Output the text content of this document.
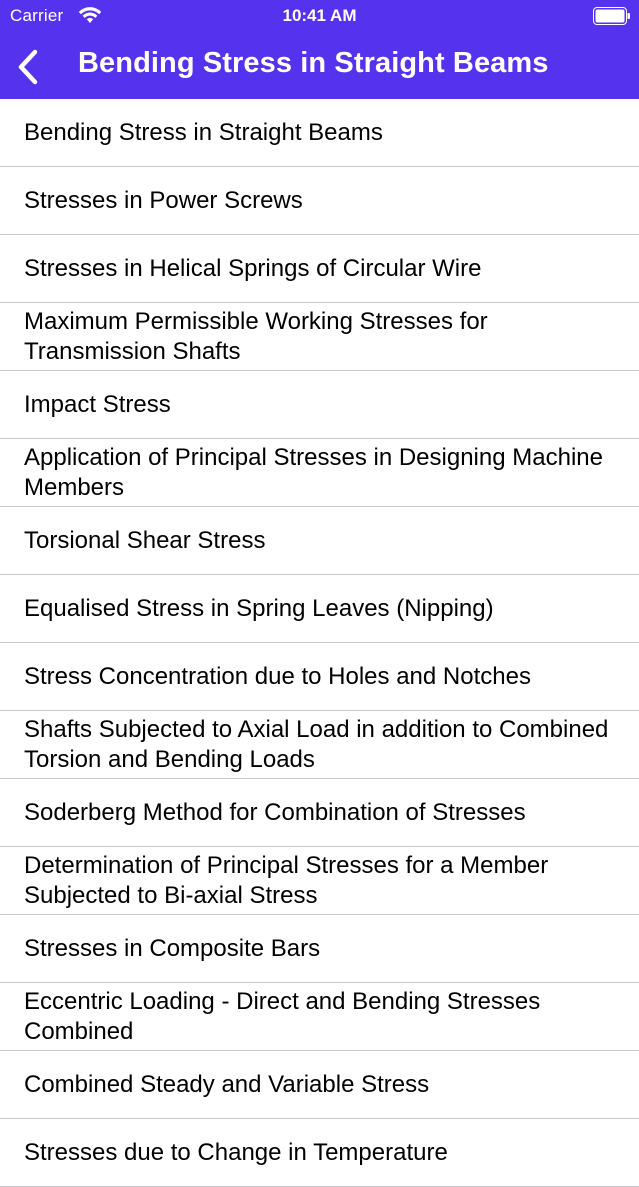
Carrier	10:41 AM
Bending Stress in Straight Beams
Bending Stress in Straight Beams
Stresses in Power Screws
Stresses in Helical Springs of Circular Wire
Maximum Permissible Working Stresses for Transmission Shafts
Impact Stress
Application of Principal Stresses in Designing Machine Members
Torsional Shear Stress
Equalised Stress in Spring Leaves (Nipping)
Stress Concentration due to Holes and Notches
Shafts Subjected to Axial Load in addition to Combined Torsion and Bending Loads
Soderberg Method for Combination of Stresses
Determination of Principal Stresses for a Member Subjected to Bi-axial Stress
Stresses in Composite Bars
Eccentric Loading - Direct and Bending Stresses Combined
Combined Steady and Variable Stress
Stresses due to Change in Temperature
